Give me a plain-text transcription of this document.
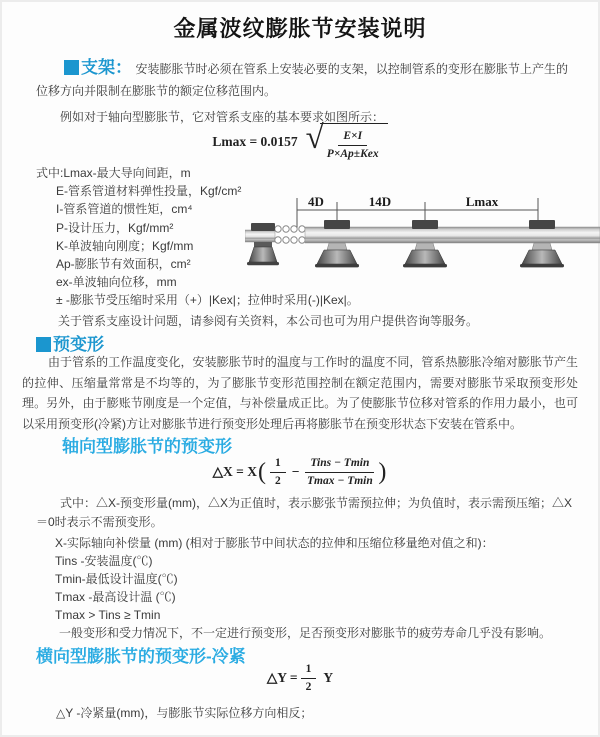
金属波纹膨胀节安装说明
支架： 安装膨胀节时必须在管系上安装必要的支架，以控制管系的变形在膨胀节上产生的位移方向并限制在膨胀节的额定位移范围内。
例如对于轴向型膨胀节，它对管系支座的基本要求如图所示：
Lmax = 0.0157 √ $\frac{E\times I}{\text{P×Ap±Kex}}$
式中:Lmax-最大导向间距，m
E-管系管道材料弹性投量，Kgf/cm²
I-管系管道的惯性矩，cm⁴
P-设计压力，Kgf/mm²
K-单波轴向刚度；Kgf/mm
Ap-膨胀节有效面积，cm²
ex-单波轴向位移，mm
± -膨胀节受压缩时采用（+）|Kex|；拉伸时采用(-)|Kex|。
关于管系支座设计问题，请参阅有关资料，本公司也可为用户提供咨询等服务。
4D	14D	Lmax
预变形
由于管系的工作温度变化，安装膨胀节时的温度与工作时的温度不同，管系热膨胀冷缩对膨胀节产生的拉伸、压缩量常常是不均等的，为了膨胀节变形范围控制在额定范围内，需要对膨胀节采取预变形处理。另外，由于膨账节刚度是一个定值，与补偿量成正比。为了使膨胀节位移对管系的作用力最小，也可以采用预变形(冷紧)方让对膨胀节进行预变形处理后再将膨胀节在预变形状态下安装在管系中。
轴向型膨胀节的预变形
△X = X ( $\frac{1}{2} - \frac{\text{Tins − Tmin}}{Tmax - Tmin}$ )
式中：△X-预变形量(mm)，△X为正值时，表示膨张节需预拉伸；为负值时，表示需预压缩；△X＝0时表示不需预变形。
X-实际轴向补偿量 (mm) (相对于膨胀节中间状态的拉伸和压缩位移量绝对值之和)：
Tins -安装温度(℃)
Tmin-最低设计温度(℃)
Tmax -最高设计温 (℃)
Tmax > Tins ≥ Tmin
一般变形和受力情况下，不一定进行预变形，足否预变形对膨胀节的疲劳寿命几乎没有影响。
横向型膨胀节的预变形-冷紧
△Y = $\frac{1}{2}$ Y
△Y -冷紧量(mm)，与膨胀节实际位移方向相反；
